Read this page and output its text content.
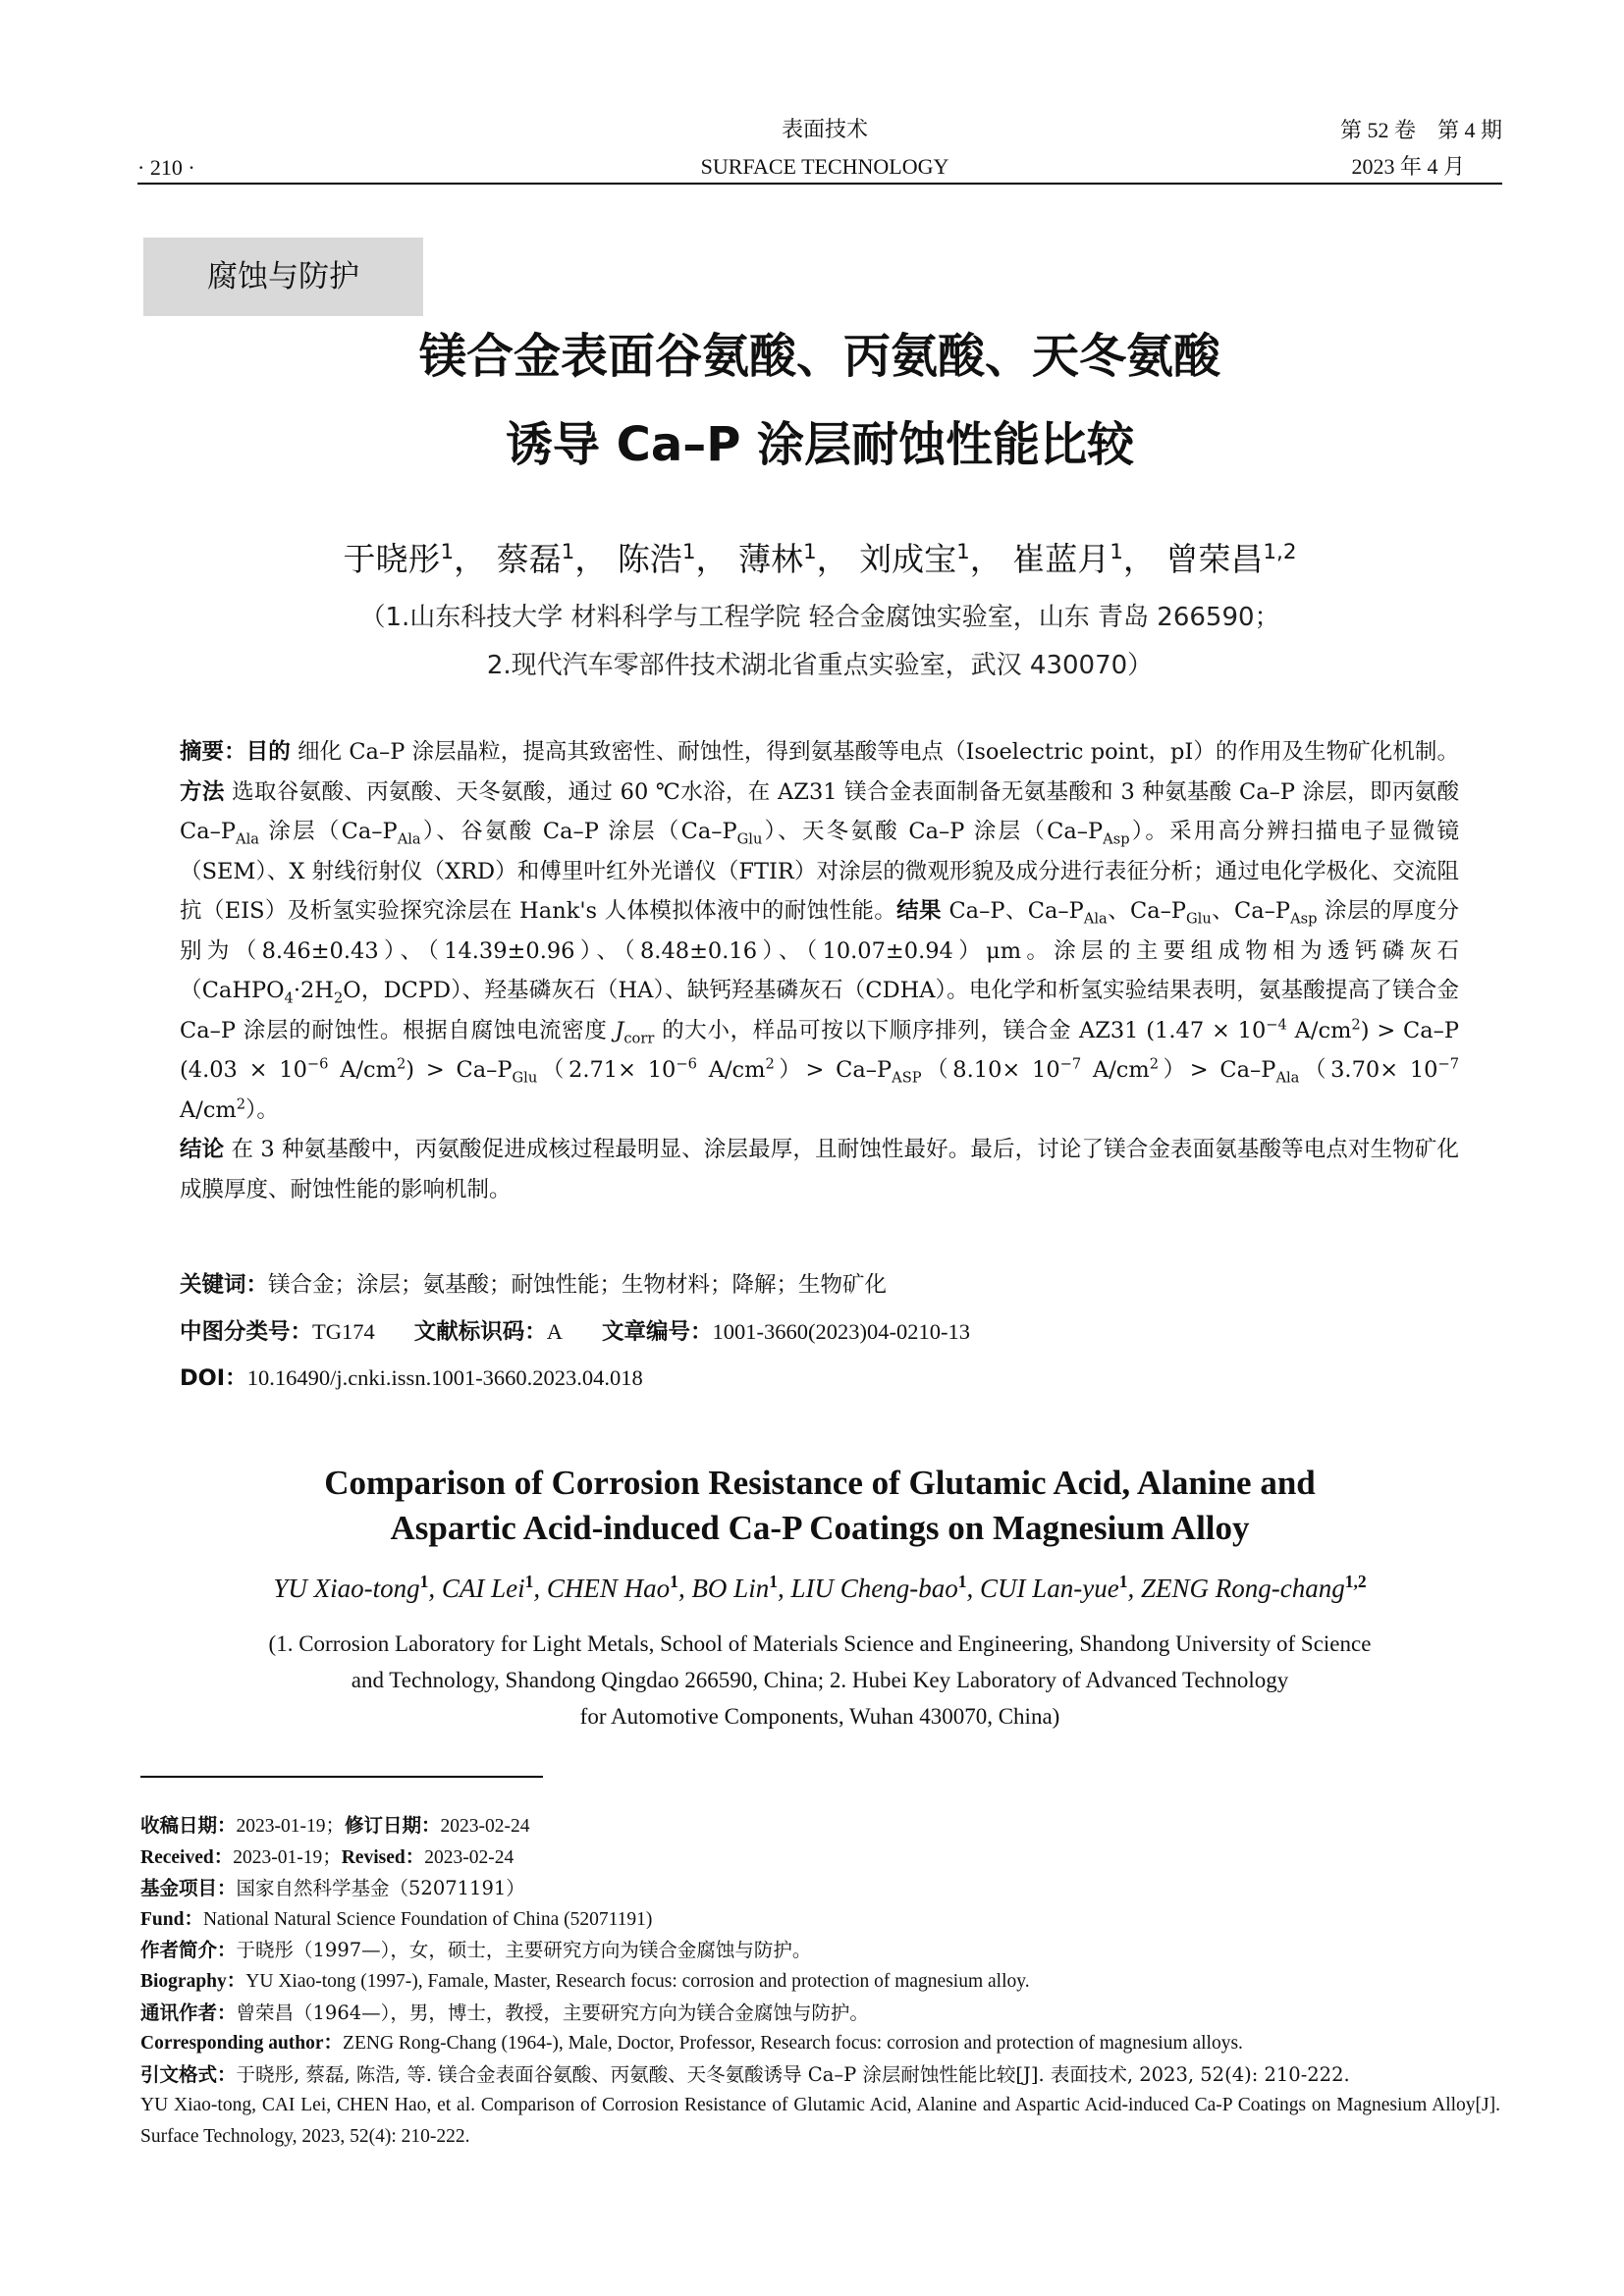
· 210 ·
表面技术
SURFACE TECHNOLOGY
第 52 卷　第 4 期
2023 年 4 月
腐蚀与防护
镁合金表面谷氨酸、丙氨酸、天冬氨酸
诱导 Ca–P 涂层耐蚀性能比较
于晓彤$^1$， 蔡磊$^1$， 陈浩$^1$， 薄林$^1$， 刘成宝$^1$， 崔蓝月$^1$， 曾荣昌$^{1,2}$
（1.山东科技大学 材料科学与工程学院 轻合金腐蚀实验室，山东 青岛 266590；
2.现代汽车零部件技术湖北省重点实验室，武汉 430070）
摘要：目的 细化 Ca–P 涂层晶粒，提高其致密性、耐蚀性，得到氨基酸等电点（Isoelectric point，pI）的作用及生物矿化机制。方法 选取谷氨酸、丙氨酸、天冬氨酸，通过 60 ℃水浴，在 AZ31 镁合金表面制备无氨基酸和 3 种氨基酸 Ca–P 涂层，即丙氨酸 $Ca-P_{Ala}$ 涂层$(Ca-P_{Ala})$、谷氨酸 Ca–P 涂层$(Ca-P_{Glu})$、天冬氨酸 Ca–P 涂层$(Ca-P_{Asp})$。采用高分辨扫描电子显微镜（SEM）、X 射线衍射仪（XRD）和傅里叶红外光谱仪（FTIR）对涂层的微观形貌及成分进行表征分析；通过电化学极化、交流阻抗（EIS）及析氢实验探究涂层在 Hank's 人体模拟体液中的耐蚀性能。结果 Ca–P、$Ca-P_{Ala}$、$Ca-P_{Glu}$、$Ca-P_{Asp}$ 涂层的厚度分别为（8.46±0.43）、（14.39±0.96）、（8.48±0.16）、（10.07±0.94）μm。涂层的主要组成物相为透钙磷灰石（$CaHPO_4\cdot 2H_2O$，DCPD）、羟基磷灰石（HA）、缺钙羟基磷灰石（CDHA）。电化学和析氢实验结果表明，氨基酸提高了镁合金 Ca–P 涂层的耐蚀性。根据自腐蚀电流密度 $J_{corr}$ 的大小，样品可按以下顺序排列，镁合金 AZ31 ($1.47 \times 10^{-4}$ $A/cm^2) > Ca-P$ ($4.03 \times 10^{-6}$ $A/cm^2) > Ca-P_{Glu}(2.71\times 10^{-6}$ $A/cm^2)> Ca-P_{ASP}(8.10\times 10^{-7}$ $A/cm^2)> Ca-P_{Ala}(3.70\times 10^{-7}$ $A/cm^2$）。
结论 在 3 种氨基酸中，丙氨酸促进成核过程最明显、涂层最厚，且耐蚀性最好。最后，讨论了镁合金表面氨基酸等电点对生物矿化成膜厚度、耐蚀性能的影响机制。
关键词：镁合金；涂层；氨基酸；耐蚀性能；生物材料；降解；生物矿化
中图分类号：TG174 文献标识码：A 文章编号：1001-3660(2023)04-0210-13
DOI：10.16490/j.cnki.issn.1001-3660.2023.04.018
Comparison of Corrosion Resistance of Glutamic Acid, Alanine and
Aspartic Acid-induced Ca-P Coatings on Magnesium Alloy
YU Xiao-tong$^1$, CAI Lei$^1$, CHEN Hao$^1$, BO Lin$^1$, LIU Cheng-bao$^1$, CUI Lan-yue$^1$, ZENG Rong-chang$^{1,2}$
(1. Corrosion Laboratory for Light Metals, School of Materials Science and Engineering, Shandong University of Science
and Technology, Shandong Qingdao 266590, China; 2. Hubei Key Laboratory of Advanced Technology
for Automotive Components, Wuhan 430070, China)

收稿日期：2023-01-19；修订日期：2023-02-24

Received：2023-01-19；Revised：2023-02-24

基金项目：国家自然科学基金（52071191）

Fund：National Natural Science Foundation of China (52071191)

作者简介：于晓彤（1997—），女，硕士，主要研究方向为镁合金腐蚀与防护。

Biography：YU Xiao-tong (1997-), Famale, Master, Research focus: corrosion and protection of magnesium alloy.

通讯作者：曾荣昌（1964—），男，博士，教授，主要研究方向为镁合金腐蚀与防护。

Corresponding author：ZENG Rong-Chang (1964-), Male, Doctor, Professor, Research focus: corrosion and protection of magnesium alloys.

引文格式：于晓彤, 蔡磊, 陈浩, 等. 镁合金表面谷氨酸、丙氨酸、天冬氨酸诱导 Ca–P 涂层耐蚀性能比较[J]. 表面技术, 2023, 52(4): 210-222.

YU Xiao-tong, CAI Lei, CHEN Hao, et al. Comparison of Corrosion Resistance of Glutamic Acid, Alanine and Aspartic Acid-induced Ca-P Coatings on Magnesium Alloy[J]. Surface Technology, 2023, 52(4): 210-222.
